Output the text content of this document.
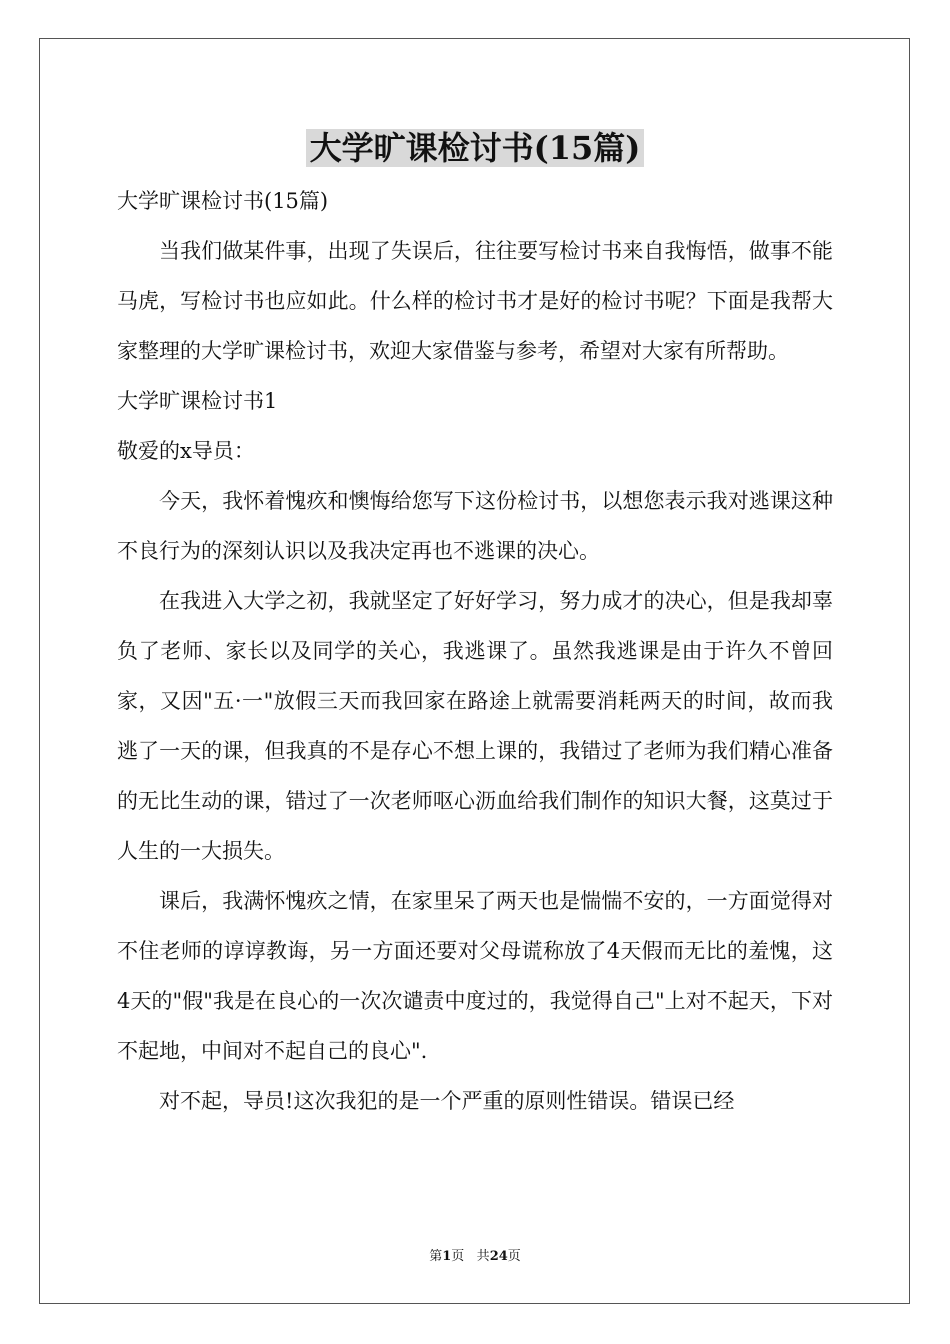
大学旷课检讨书(15篇)

大学旷课检讨书(15篇)

当我们做某件事，出现了失误后，往往要写检讨书来自我悔悟，做事不能马虎，写检讨书也应如此。什么样的检讨书才是好的检讨书呢？下面是我帮大家整理的大学旷课检讨书，欢迎大家借鉴与参考，希望对大家有所帮助。

大学旷课检讨书1

敬爱的x导员：

今天，我怀着愧疚和懊悔给您写下这份检讨书，以想您表示我对逃课这种不良行为的深刻认识以及我决定再也不逃课的决心。

在我进入大学之初，我就坚定了好好学习，努力成才的决心，但是我却辜负了老师、家长以及同学的关心，我逃课了。虽然我逃课是由于许久不曾回家，又因"五·一"放假三天而我回家在路途上就需要消耗两天的时间，故而我逃了一天的课，但我真的不是存心不想上课的，我错过了老师为我们精心准备的无比生动的课，错过了一次老师呕心沥血给我们制作的知识大餐，这莫过于人生的一大损失。

课后，我满怀愧疚之情，在家里呆了两天也是惴惴不安的，一方面觉得对不住老师的谆谆教诲，另一方面还要对父母谎称放了4天假而无比的羞愧，这4天的"假"我是在良心的一次次谴责中度过的，我觉得自己"上对不起天，下对不起地，中间对不起自己的良心".

对不起，导员!这次我犯的是一个严重的原则性错误。错误已经

第1页 共24页
